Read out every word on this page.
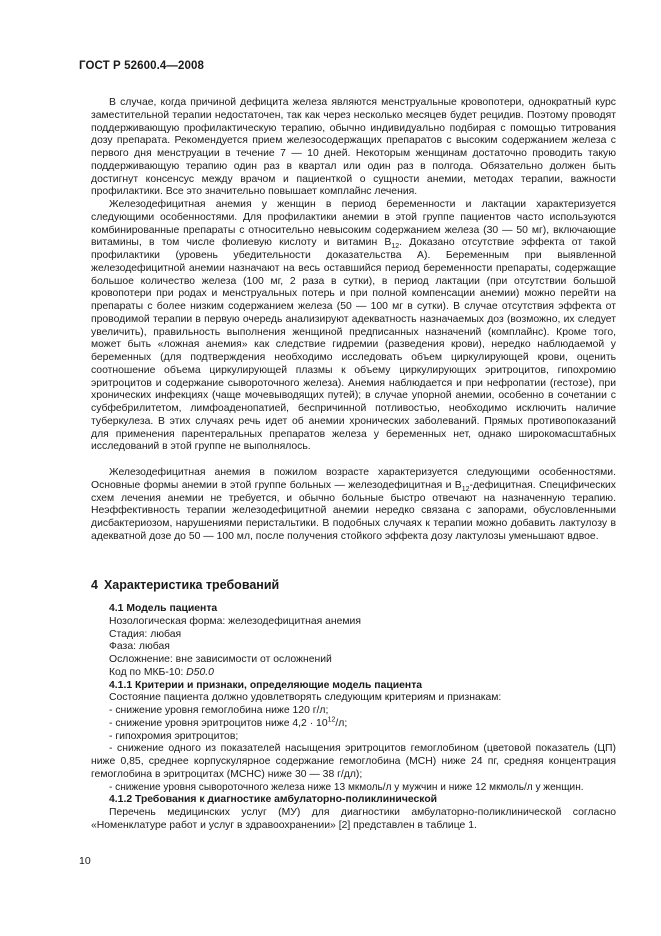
ГОСТ Р 52600.4—2008

В случае, когда причиной дефицита железа являются менструальные кровопотери, однократный курс заместительной терапии недостаточен, так как через несколько месяцев будет рецидив. Поэтому проводят поддерживающую профилактическую терапию, обычно индивидуально подбирая с помощью титрования дозу препарата. Рекомендуется прием железосодержащих препаратов с высоким содержанием железа с первого дня менструации в течение 7 — 10 дней. Некоторым женщинам достаточно проводить такую поддерживающую терапию один раз в квартал или один раз в полгода. Обязательно должен быть достигнут консенсус между врачом и пациенткой о сущности анемии, методах терапии, важности профилактики. Все это значительно повышает комплайнс лечения.

Железодефицитная анемия у женщин в период беременности и лактации характеризуется следующими особенностями. Для профилактики анемии в этой группе пациентов часто используются комбинированные препараты с относительно невысоким содержанием железа (30 — 50 мг), включающие витамины, в том числе фолиевую кислоту и витамин $B_{12}$. Доказано отсутствие эффекта от такой профилактики (уровень убедительности доказательства А). Беременным при выявленной железодефицитной анемии назначают на весь оставшийся период беременности препараты, содержащие большое количество железа (100 мг, 2 раза в сутки), в период лактации (при отсутствии большой кровопотери при родах и менструальных потерь и при полной компенсации анемии) можно перейти на препараты с более низким содержанием железа (50 — 100 мг в сутки). В случае отсутствия эффекта от проводимой терапии в первую очередь анализируют адекватность назначаемых доз (возможно, их следует увеличить), правильность выполнения женщиной предписанных назначений (комплайнс). Кроме того, может быть «ложная анемия» как следствие гидремии (разведения крови), нередко наблюдаемой у беременных (для подтверждения необходимо исследовать объем циркулирующей крови, оценить соотношение объема циркулирующей плазмы к объему циркулирующих эритроцитов, гипохромию эритроцитов и содержание сывороточного железа). Анемия наблюдается и при нефропатии (гестозе), при хронических инфекциях (чаще мочевыводящих путей); в случае упорной анемии, особенно в сочетании с субфебрилитетом, лимфоаденопатией, беспричинной потливостью, необходимо исключить наличие туберкулеза. В этих случаях речь идет об анемии хронических заболеваний. Прямых противопоказаний для применения парентеральных препаратов железа у беременных нет, однако широкомасштабных исследований в этой группе не выполнялось.

Железодефицитная анемия в пожилом возрасте характеризуется следующими особенностями. Основные формы анемии в этой группе больных — железодефицитная и $B_{12}$-дефицитная. Специфических схем лечения анемии не требуется, и обычно больные быстро отвечают на назначенную терапию. Неэффективность терапии железодефицитной анемии нередко связана с запорами, обусловленными дисбактериозом, нарушениями перистальтики. В подобных случаях к терапии можно добавить лактулозу в адекватной дозе до 50 — 100 мл, после получения стойкого эффекта дозу лактулозы уменьшают вдвое.

4 Характеристика требований
4.1 Модель пациента
Нозологическая форма: железодефицитная анемия
Стадия: любая
Фаза: любая
Осложнение: вне зависимости от осложнений
Код по МКБ-10: D50.0
4.1.1 Критерии и признаки, определяющие модель пациента
Состояние пациента должно удовлетворять следующим критериям и признакам:
- снижение уровня гемоглобина ниже 120 г/л;
- снижение уровня эритроцитов ниже $4,2 \cdot 10^{12}/л$;
- гипохромия эритроцитов;
- снижение одного из показателей насыщения эритроцитов гемоглобином (цветовой показатель (ЦП) ниже 0,85, среднее корпускулярное содержание гемоглобина (МСН) ниже 24 пг, средняя концентрация гемоглобина в эритроцитах (МСНС) ниже 30 — 38 г/дл);
- снижение уровня сывороточного железа ниже 13 мкмоль/л у мужчин и ниже 12 мкмоль/л у женщин.
4.1.2 Требования к диагностике амбулаторно-поликлинической
Перечень медицинских услуг (МУ) для диагностики амбулаторно-поликлинической согласно «Номенклатуре работ и услуг в здравоохранении» [2] представлен в таблице 1.
10
